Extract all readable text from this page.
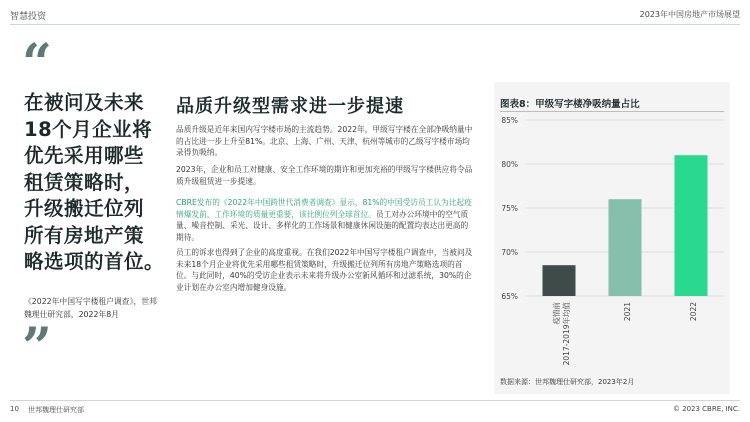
智慧投资	2023年中国房地产市场展望
“
在被问及未来
18个月企业将
优先采用哪些
租赁策略时，
升级搬迁位列
所有房地产策
略选项的首位。
《2022年中国写字楼租户调查》，世邦魏理仕研究部，2022年8月
”
品质升级型需求进一步提速

品质升级是近年来国内写字楼市场的主流趋势。2022年，甲级写字楼在全部净吸纳量中的占比进一步上升至81%。北京、上海、广州、天津、杭州等城市的乙级写字楼市场均录得负吸纳。

2023年，企业和员工对健康、安全工作环境的期许和更加充裕的甲级写字楼供应将令品质升级租赁进一步提速。

CBRE发布的《2022年中国跨世代消费者调查》显示，81%的中国受访员工认为比起疫情爆发前，工作环境的质量更重要，该比例位列全球首位。员工对办公环境中的空气质量、噪音控制、采光、设计、多样化的工作场景和健康休闲设施的配置均表达出更高的期待。

员工的诉求也得到了企业的高度重视。在我们2022年中国写字楼租户调查中，当被问及未来18个月企业将优先采用哪些租赁策略时，升级搬迁位列所有房地产策略选项的首位。与此同时，40%的受访企业表示未来将升级办公室新风循环和过滤系统，30%的企业计划在办公室内增加健身设施。

图表8：甲级写字楼净吸纳量占比
65%
70%
75%
80%
85%
疫情前 2017-2019年均值	2021	2022
数据来源：世邦魏理仕研究部，2023年2月
10 世邦魏理仕研究部	© 2023 CBRE, INC.
